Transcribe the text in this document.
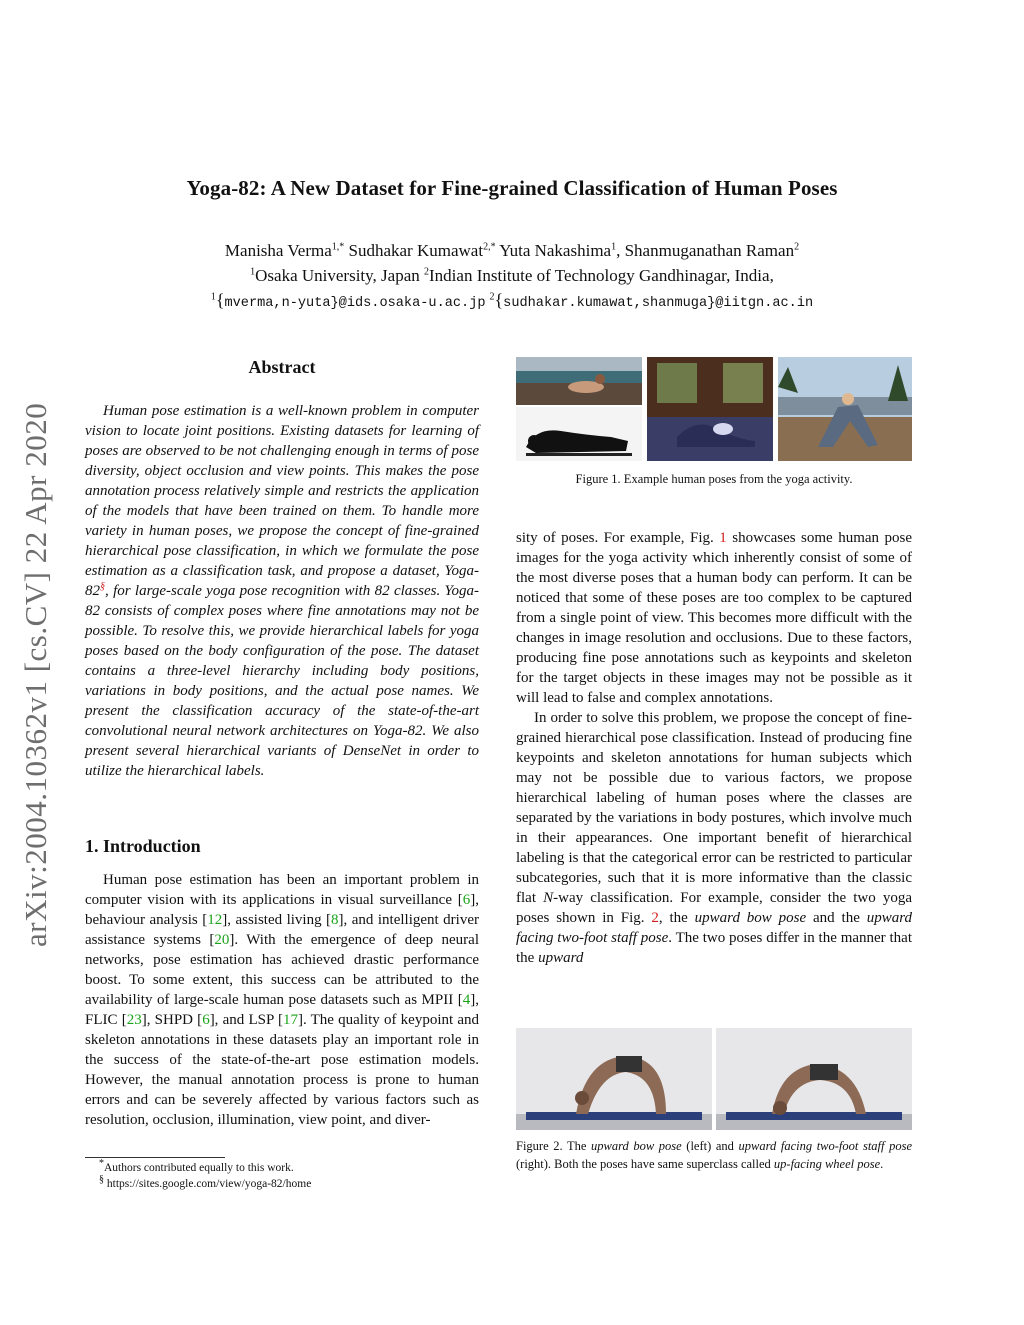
Yoga-82: A New Dataset for Fine-grained Classification of Human Poses
Manisha Verma$^{1,*}$ Sudhakar Kumawat$^{2,*}$ Yuta Nakashima$^1$, Shanmuganathan Raman$^2$
$^1$Osaka University, Japan $^2$Indian Institute of Technology Gandhinagar, India,
$^1${mverma,n-yuta}@ids.osaka-u.ac.jp $^2${sudhakar.kumawat,shanmuga}@iitgn.ac.in
arXiv:2004.10362v1 [cs.CV] 22 Apr 2020
Abstract

Human pose estimation is a well-known problem in computer vision to locate joint positions. Existing datasets for learning of poses are observed to be not challenging enough in terms of pose diversity, object occlusion and view points. This makes the pose annotation process relatively simple and restricts the application of the models that have been trained on them. To handle more variety in human poses, we propose the concept of fine-grained hierarchical pose classification, in which we formulate the pose estimation as a classification task, and propose a dataset, Yoga-82§, for large-scale yoga pose recognition with 82 classes. Yoga-82 consists of complex poses where fine annotations may not be possible. To resolve this, we provide hierarchical labels for yoga poses based on the body configuration of the pose. The dataset contains a three-level hierarchy including body positions, variations in body positions, and the actual pose names. We present the classification accuracy of the state-of-the-art convolutional neural network architectures on Yoga-82. We also present several hierarchical variants of DenseNet in order to utilize the hierarchical labels.

1. Introduction

Human pose estimation has been an important problem in computer vision with its applications in visual surveillance [6], behaviour analysis [12], assisted living [8], and intelligent driver assistance systems [20]. With the emergence of deep neural networks, pose estimation has achieved drastic performance boost. To some extent, this success can be attributed to the availability of large-scale human pose datasets such as MPII [4], FLIC [23], SHPD [6], and LSP [17]. The quality of keypoint and skeleton annotations in these datasets play an important role in the success of the state-of-the-art pose estimation models. However, the manual annotation process is prone to human errors and can be severely affected by various factors such as resolution, occlusion, illumination, view point, and diver-

*Authors contributed equally to this work.
§ https://sites.google.com/view/yoga-82/home
Figure 1. Example human poses from the yoga activity.

sity of poses. For example, Fig. 1 showcases some human pose images for the yoga activity which inherently consist of some of the most diverse poses that a human body can perform. It can be noticed that some of these poses are too complex to be captured from a single point of view. This becomes more difficult with the changes in image resolution and occlusions. Due to these factors, producing fine pose annotations such as keypoints and skeleton for the target objects in these images may not be possible as it will lead to false and complex annotations.

In order to solve this problem, we propose the concept of fine-grained hierarchical pose classification. Instead of producing fine keypoints and skeleton annotations for human subjects which may not be possible due to various factors, we propose hierarchical labeling of human poses where the classes are separated by the variations in body postures, which involve much in their appearances. One important benefit of hierarchical labeling is that the categorical error can be restricted to particular subcategories, such that it is more informative than the classic flat N-way classification. For example, consider the two yoga poses shown in Fig. 2, the upward bow pose and the upward facing two-foot staff pose. The two poses differ in the manner that the upward

Figure 2. The upward bow pose (left) and upward facing two-foot staff pose (right). Both the poses have same superclass called up-facing wheel pose.
